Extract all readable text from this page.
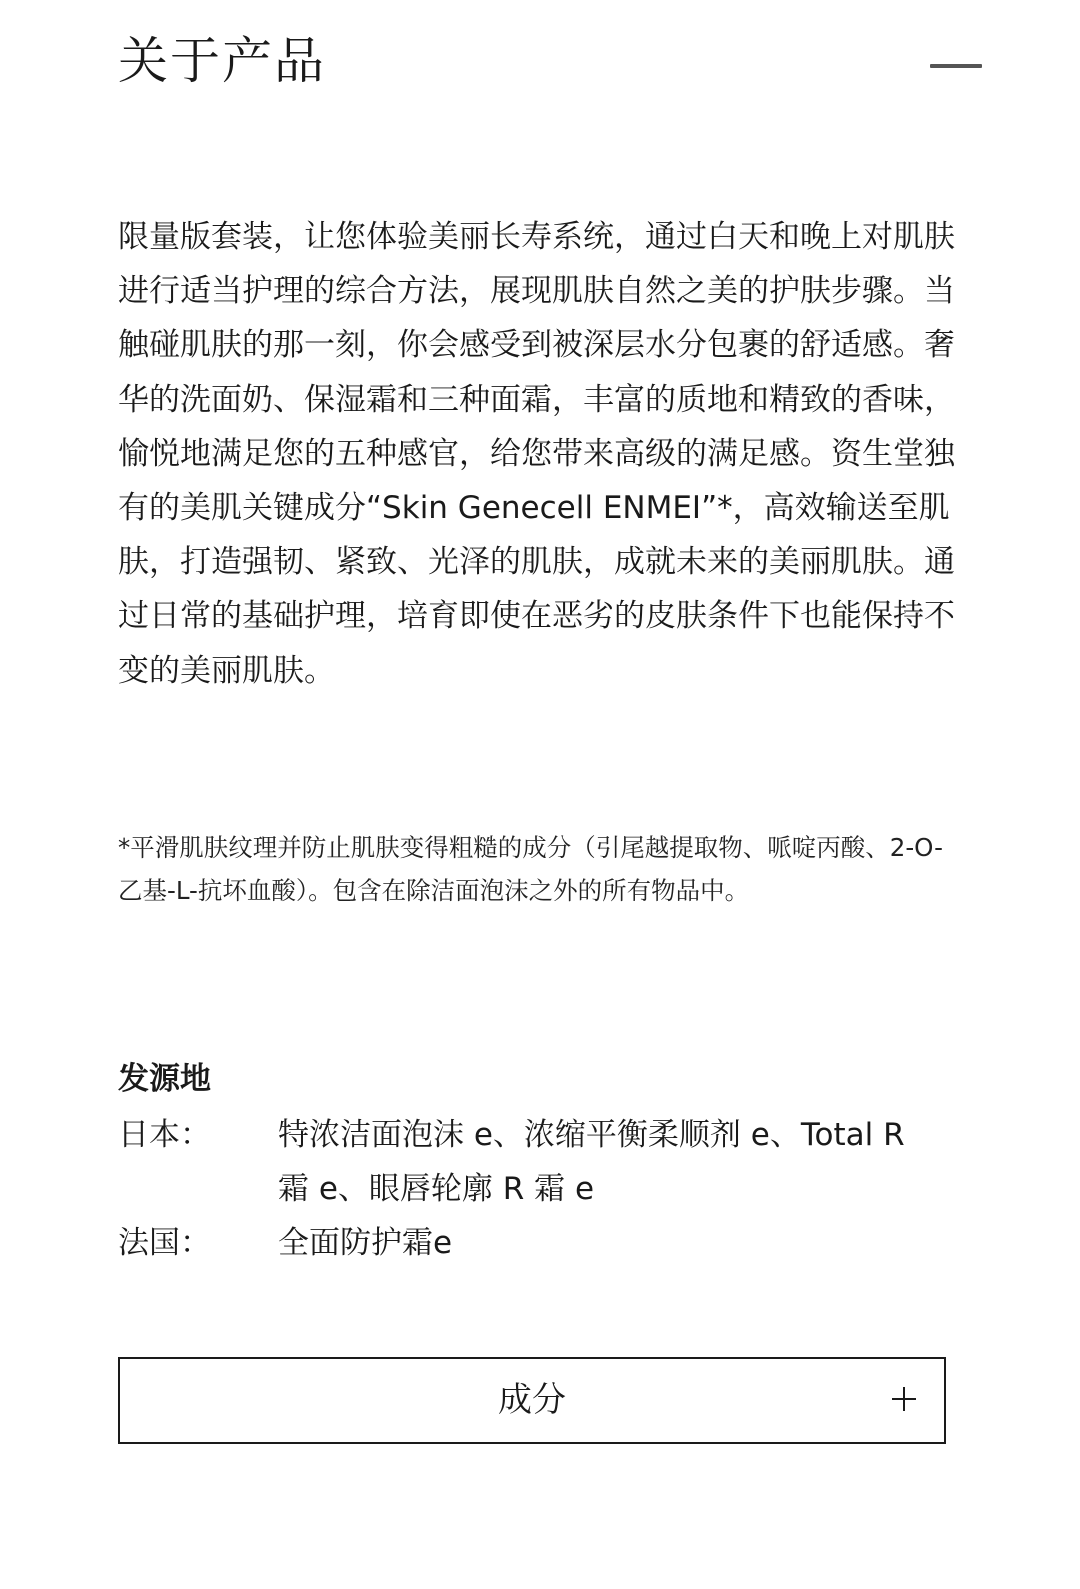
关于产品

限量版套装，让您体验美丽长寿系统，通过白天和晚上对肌肤进行适当护理的综合方法，展现肌肤自然之美的护肤步骤。当触碰肌肤的那一刻，你会感受到被深层水分包裹的舒适感。奢华的洗面奶、保湿霜和三种面霜，丰富的质地和精致的香味，愉悦地满足您的五种感官，给您带来高级的满足感。资生堂独有的美肌关键成分“Skin Genecell ENMEI”*，高效输送至肌肤，打造强韧、紧致、光泽的肌肤，成就未来的美丽肌肤。通过日常的基础护理，培育即使在恶劣的皮肤条件下也能保持不变的美丽肌肤。

*平滑肌肤纹理并防止肌肤变得粗糙的成分（引尾越提取物、哌啶丙酸、2-O-乙基-L-抗坏血酸）。包含在除洁面泡沫之外的所有物品中。

发源地
日本： 特浓洁面泡沫 e、浓缩平衡柔顺剂 e、Total R 霜 e、眼唇轮廓 R 霜 e
法国： 全面防护霜e
成分
